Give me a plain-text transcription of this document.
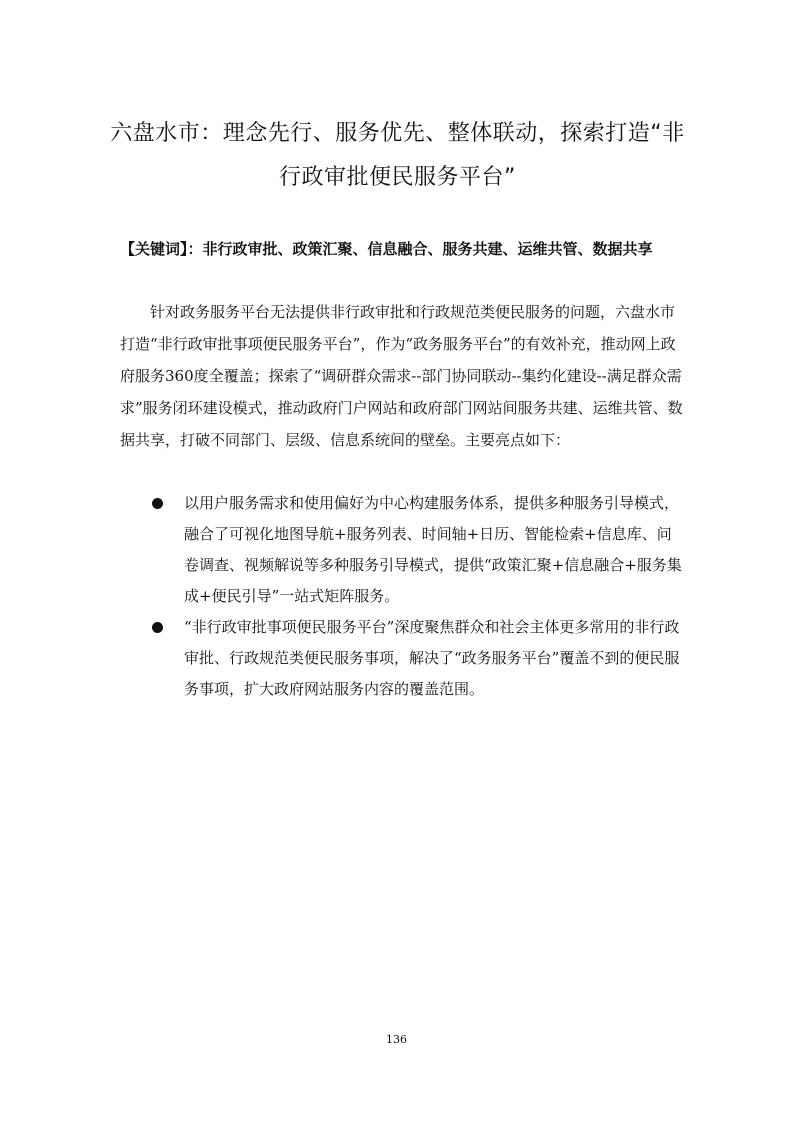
六盘水市：理念先行、服务优先、整体联动，探索打造“非
行政审批便民服务平台”

【关键词】：非行政审批、政策汇聚、信息融合、服务共建、运维共管、数据共享

针对政务服务平台无法提供非行政审批和行政规范类便民服务的问题，六盘水市打造“非行政审批事项便民服务平台”，作为“政务服务平台”的有效补充，推动网上政府服务360度全覆盖；探索了“调研群众需求--部门协同联动--集约化建设--满足群众需求”服务闭环建设模式，推动政府门户网站和政府部门网站间服务共建、运维共管、数据共享，打破不同部门、层级、信息系统间的壁垒。主要亮点如下：

以用户服务需求和使用偏好为中心构建服务体系，提供多种服务引导模式，融合了可视化地图导航+服务列表、时间轴+日历、智能检索+信息库、问卷调查、视频解说等多种服务引导模式，提供“政策汇聚+信息融合+服务集成+便民引导”一站式矩阵服务。
“非行政审批事项便民服务平台”深度聚焦群众和社会主体更多常用的非行政审批、行政规范类便民服务事项，解决了“政务服务平台”覆盖不到的便民服务事项，扩大政府网站服务内容的覆盖范围。
136
